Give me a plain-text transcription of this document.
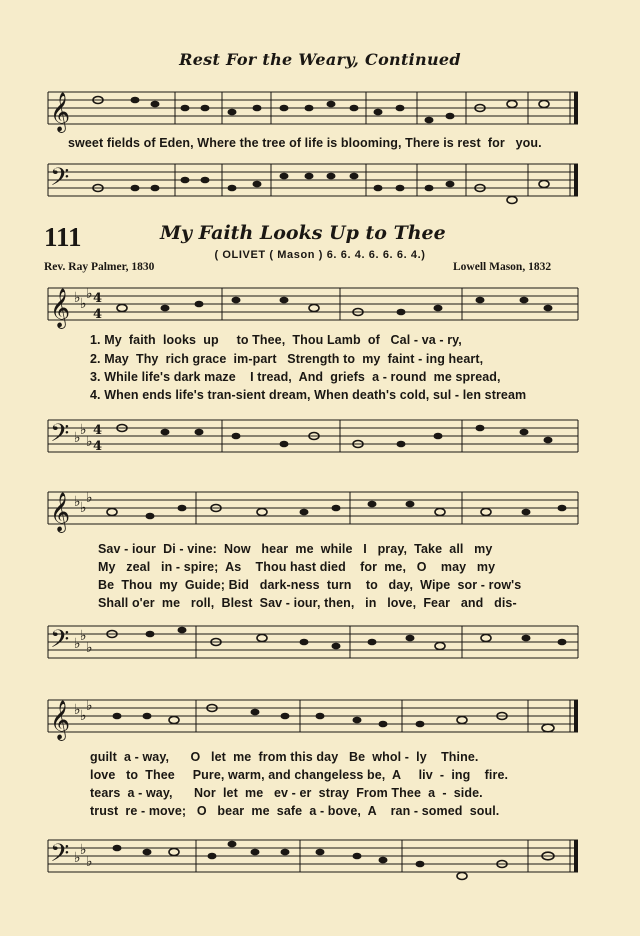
Rest For the Weary, Continued
𝄞
sweet fields of Eden, Where the tree of life is blooming, There is rest  for   you.
𝄢
111	My Faith Looks Up to Thee
( OLIVET ( Mason ) 6. 6. 4. 6. 6. 6. 4.)
Rev. Ray Palmer, 1830	Lowell Mason, 1832
𝄞 ♭ ♭
♭ 4
4
1. My  faith  looks  up     to Thee,  Thou Lamb  of   Cal - va - ry,
2. May  Thy  rich grace  im-part   Strength to  my  faint - ing heart,
3. While life's dark maze    I tread,  And  griefs  a - round  me spread,
4. When ends life's tran-sient dream, When death's cold, sul - len stream
𝄢 ♭ ♭
♭
4
4
𝄞 ♭ ♭
♭
Sav - iour  Di - vine:  Now   hear  me  while   I   pray,  Take  all   my
My   zeal   in - spire;  As    Thou hast died    for  me,   O    may   my
Be  Thou  my  Guide; Bid   dark-ness  turn    to   day,  Wipe  sor - row's
Shall o'er  me   roll,  Blest  Sav - iour, then,   in   love,  Fear   and   dis-
𝄢 ♭ ♭
♭
𝄞 ♭ ♭
♭
guilt  a - way,      O   let  me  from this day   Be  whol -  ly    Thine.
love   to  Thee     Pure, warm, and changeless be,  A     liv  -  ing    fire.
tears  a - way,      Nor  let  me   ev - er  stray  From Thee  a  -  side.
trust  re - move;   O   bear  me  safe  a - bove,  A    ran - somed  soul.
𝄢 ♭ ♭
♭
